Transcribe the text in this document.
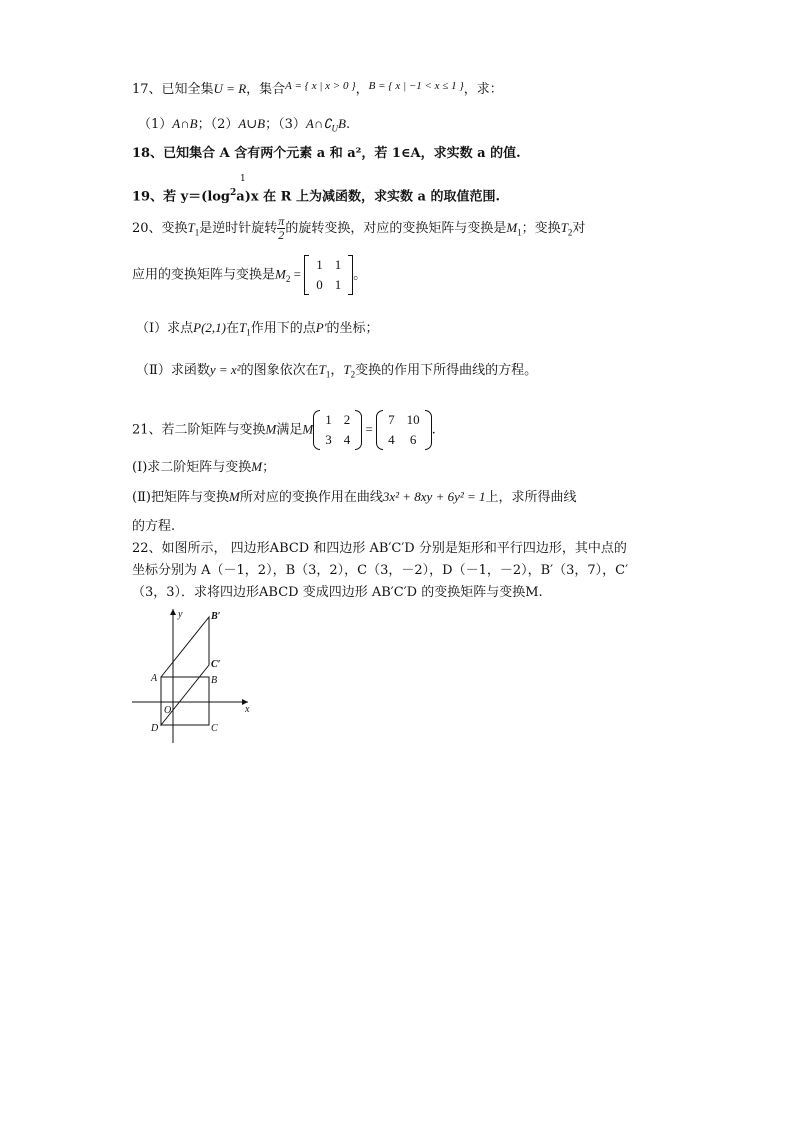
17、已知全集U = R，集合$^{A = \{ x | x > 0 \}}$，$^{B = \{ x | -1 < x \le 1 \}}$，求：
（1）A∩B；（2）A∪B；$(3)A\cap∁_UB$.
18、已知集合 A 含有两个元素 a 和 a²，若 1∈A，求实数 a 的值.
1
19、若 $y=(\log^2a)x$ 在 R 上为减函数，求实数 a 的取值范围.
20、变换$T_1$是逆时针旋转 $\frac{\pi}{2}$ 的旋转变换，对应的变换矩阵与变换是$M_1$；变换$T_2$对
应用的变换矩阵与变换是$M_2$ =
1	1
0	1
。
（Ⅰ）求点P(2,1)在$T_1$作用下的点P'的坐标；
（Ⅱ）求函数y = x²的图象依次在$T_1$，$T_2$变换的作用下所得曲线的方程。
21、若二阶矩阵与变换M满足M
1	2
3	4
=
7	10
4	6
.
(Ⅰ)求二阶矩阵与变换M；
(Ⅱ)把矩阵与变换M所对应的变换作用在曲线3x² + 8xy + 6y² = 1上，求所得曲线
的方程.
22、如图所示， 四边形ABCD 和四边形 AB′C′D 分别是矩形和平行四边形，其中点的
坐标分别为 A（－1，2），B（3，2），C（3，－2），D（－1，－2），B′（3，7），C′
（3，3）．求将四边形ABCD 变成四边形 AB′C′D 的变换矩阵与变换M.
y
x
A	B
C
D
O
B′
C′
